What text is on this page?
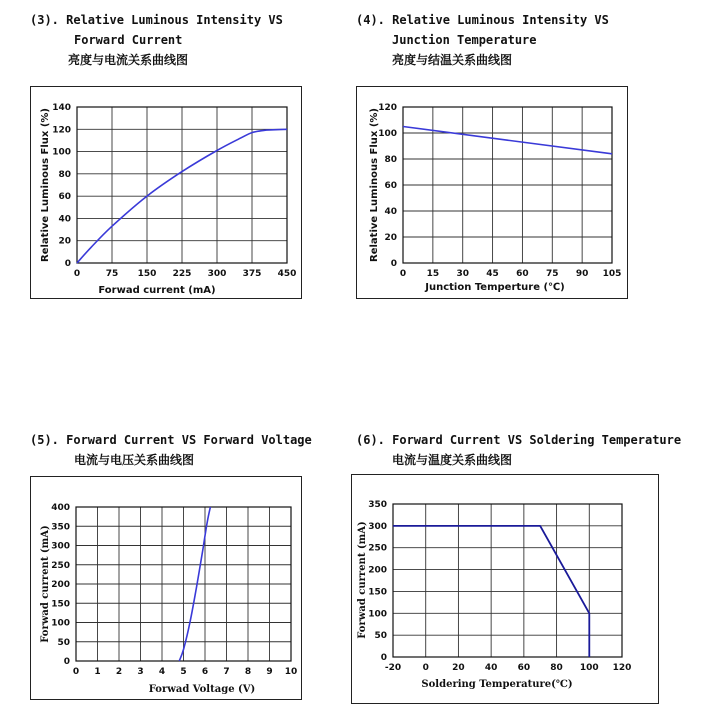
(3). Relative Luminous Intensity VS
Forward Current
亮度与电流关系曲线图
(4). Relative Luminous Intensity VS
Junction Temperature
亮度与结温关系曲线图
(5). Forward Current VS Forward Voltage
电流与电压关系曲线图
(6). Forward Current VS Soldering Temperature
电流与温度关系曲线图
0	75 150 225 300 375 450
0
20
40
60
80
100
120
140
Forwad current (mA)
Relative Luminous Flux (%)
0 15 30 45 60 75 90 105
0
20
40
60
80
100
120
Junction Temperture (℃)
Relative Luminous Flux (%)
0 1 2 3 4 5 6 7 8 9 10
0
50
100
150
200
250
300
350
400
Forwad Voltage (V)
Forwad current (mA)
-20 0	20 40 60 80 100 120
0
50
100
150
200
250
300
350
Soldering Temperature(℃)
Forwad current (mA)
